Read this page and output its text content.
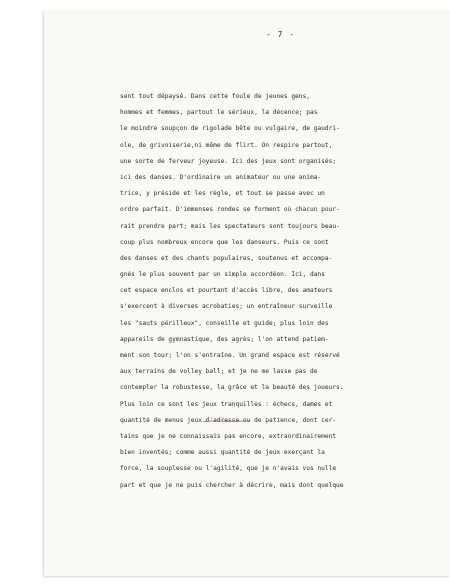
- 7 -
sent tout dépaysé. Dans cette foule de jeunes gens,
hommes et femmes, partout le sérieux, la décence; pas
le moindre soupçon de rigolade bête ou vulgaire, de gaudri-
ole, de grivoiserie,ni même de flirt. On respire partout,
une sorte de ferveur joyeuse. Ici des jeux sont organisés;
ici des danses. D'ordinaire un animateur ou une anima-
trice, y préside et les règle, et tout se passe avec un
ordre parfait. D'immenses rondes se forment où chacun pour-
rait prendre part; mais les spectateurs sont toujours beau-
coup plus nombreux encore que les danseurs. Puis ce sont
des danses et des chants populaires, soutenus et accompa-
gnés le plus souvent par un simple accordéon. Ici, dans
cet espace enclos et pourtant d'accès libre, des amateurs
s'exercent à diverses acrobaties; un entraîneur surveille
les "sauts périlleux", conseille et guide; plus loin des
appareils de gymnastique, des agrès; l'on attend patiem-
ment son tour; l'on s'entraîne. Un grand espace est réservé
aux terrains de volley ball; et je ne me lasse pas de
contempler la robustesse, la grâce et la beauté des joueurs.
Plus loin ce sont les jeux tranquilles : échecs, dames et
quantité de menus jeux d'adresse ou de patience, dont cer-
tains que je ne connaissais pas encore, extraordinairement
bien inventés; comme aussi quantité de jeux exerçant la
force, la souplesse ou l'agilité, que je n'avais vus nulle
part et que je ne puis chercher à décrire, mais dont quelque
